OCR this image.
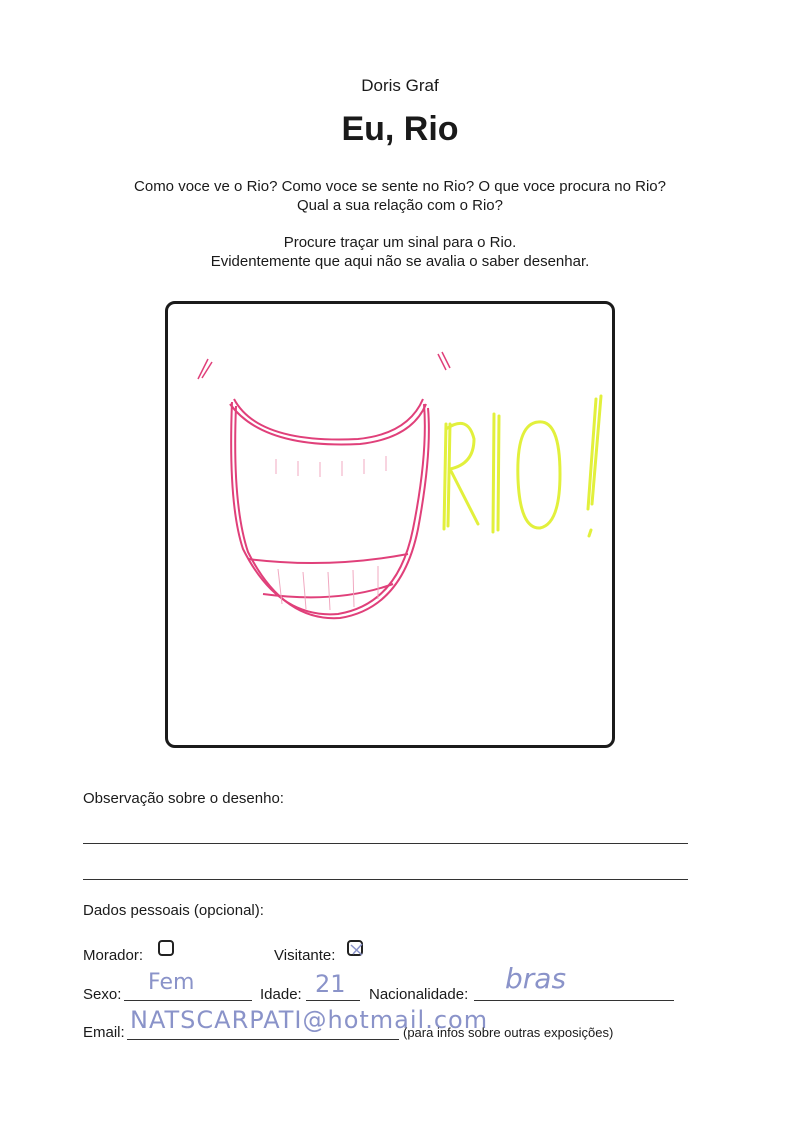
Doris Graf
Eu, Rio
Como voce ve o Rio? Como voce se sente no Rio? O que voce procura no Rio?
Qual a sua relação com o Rio?
Procure traçar um sinal para o Rio.
Evidentemente que aqui não se avalia o saber desenhar.
Observação sobre o desenho:
Dados pessoais (opcional):
Morador:	Visitante:
Sexo: Fem	Idade: 21 Nacionalidade: bras
Email: NATSCARPATI@hotmail.com
(para infos sobre outras exposições)
